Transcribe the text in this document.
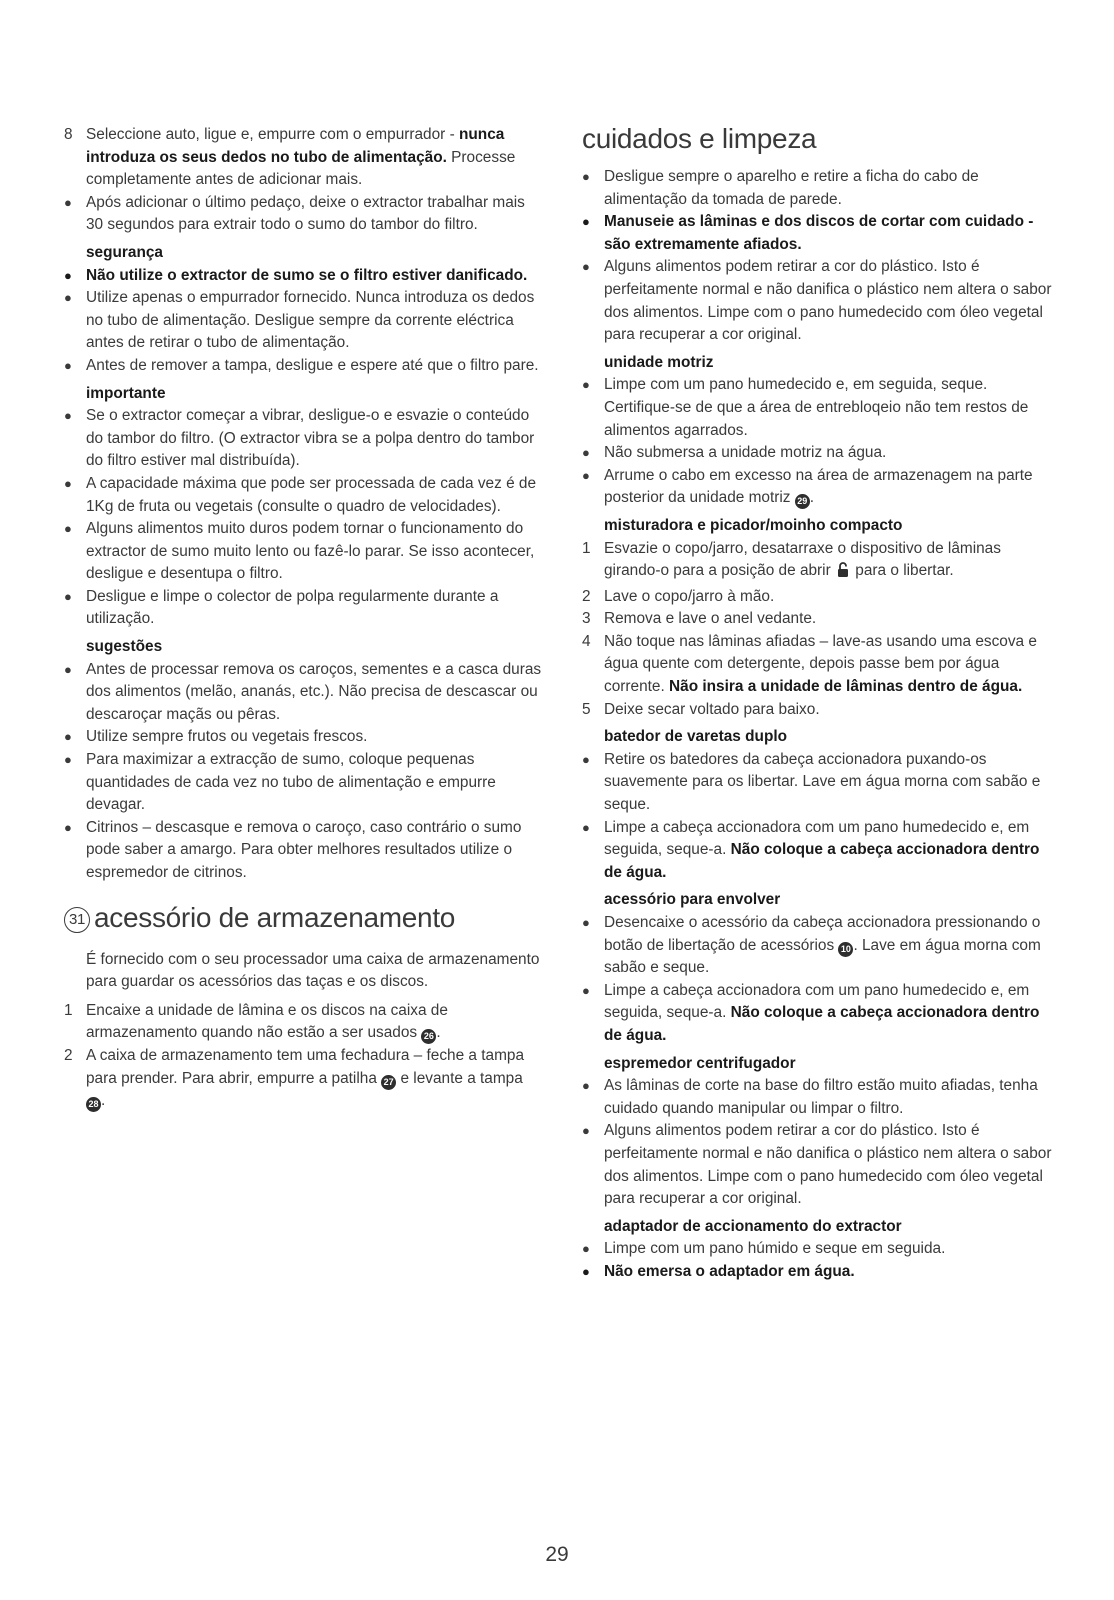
8 Seleccione auto, ligue e, empurre com o empurrador - nunca introduza os seus dedos no tubo de alimentação. Processe completamente antes de adicionar mais.
● Após adicionar o último pedaço, deixe o extractor trabalhar mais 30 segundos para extrair todo o sumo do tambor do filtro.
segurança
● Não utilize o extractor de sumo se o filtro estiver danificado.
● Utilize apenas o empurrador fornecido. Nunca introduza os dedos no tubo de alimentação. Desligue sempre da corrente eléctrica antes de retirar o tubo de alimentação.
● Antes de remover a tampa, desligue e espere até que o filtro pare.
importante
● Se o extractor começar a vibrar, desligue-o e esvazie o conteúdo do tambor do filtro. (O extractor vibra se a polpa dentro do tambor do filtro estiver mal distribuída).
● A capacidade máxima que pode ser processada de cada vez é de 1Kg de fruta ou vegetais (consulte o quadro de velocidades).
● Alguns alimentos muito duros podem tornar o funcionamento do extractor de sumo muito lento ou fazê-lo parar. Se isso acontecer, desligue e desentupa o filtro.
● Desligue e limpe o colector de polpa regularmente durante a utilização.
sugestões
● Antes de processar remova os caroços, sementes e a casca duras dos alimentos (melão, ananás, etc.). Não precisa de descascar ou descaroçar maçãs ou pêras.
● Utilize sempre frutos ou vegetais frescos.
● Para maximizar a extracção de sumo, coloque pequenas quantidades de cada vez no tubo de alimentação e empurre devagar.
● Citrinos – descasque e remova o caroço, caso contrário o sumo pode saber a amargo. Para obter melhores resultados utilize o espremedor de citrinos.
31 acessório de armazenamento
É fornecido com o seu processador uma caixa de armazenamento para guardar os acessórios das taças e os discos.
1 Encaixe a unidade de lâmina e os discos na caixa de armazenamento quando não estão a ser usados 26 .
2 A caixa de armazenamento tem uma fechadura – feche a tampa para prender. Para abrir, empurre a patilha 27 e levante a tampa 28 .
cuidados e limpeza
● Desligue sempre o aparelho e retire a ficha do cabo de alimentação da tomada de parede.
● Manuseie as lâminas e dos discos de cortar com cuidado - são extremamente afiados.
● Alguns alimentos podem retirar a cor do plástico. Isto é perfeitamente normal e não danifica o plástico nem altera o sabor dos alimentos. Limpe com o pano humedecido com óleo vegetal para recuperar a cor original.
unidade motriz
● Limpe com um pano humedecido e, em seguida, seque. Certifique-se de que a área de entrebloqeio não tem restos de alimentos agarrados.
● Não submersa a unidade motriz na água.
● Arrume o cabo em excesso na área de armazenagem na parte posterior da unidade motriz 29 .
misturadora e picador/moinho compacto
1 Esvazie o copo/jarro, desatarraxe o dispositivo de lâminas girando-o para a posição de abrir  para o libertar.
2 Lave o copo/jarro à mão.
3 Remova e lave o anel vedante.
4 Não toque nas lâminas afiadas – lave-as usando uma escova e água quente com detergente, depois passe bem por água corrente. Não insira a unidade de lâminas dentro de água.
5 Deixe secar voltado para baixo.
batedor de varetas duplo
● Retire os batedores da cabeça accionadora puxando-os suavemente para os libertar. Lave em água morna com sabão e seque.
● Limpe a cabeça accionadora com um pano humedecido e, em seguida, seque-a. Não coloque a cabeça accionadora dentro de água.
acessório para envolver
● Desencaixe o acessório da cabeça accionadora pressionando o botão de libertação de acessórios 10 . Lave em água morna com sabão e seque.
● Limpe a cabeça accionadora com um pano humedecido e, em seguida, seque-a. Não coloque a cabeça accionadora dentro de água.
espremedor centrifugador
● As lâminas de corte na base do filtro estão muito afiadas, tenha cuidado quando manipular ou limpar o filtro.
● Alguns alimentos podem retirar a cor do plástico. Isto é perfeitamente normal e não danifica o plástico nem altera o sabor dos alimentos. Limpe com o pano humedecido com óleo vegetal para recuperar a cor original.
adaptador de accionamento do extractor
● Limpe com um pano húmido e seque em seguida.
● Não emersa o adaptador em água.
29
